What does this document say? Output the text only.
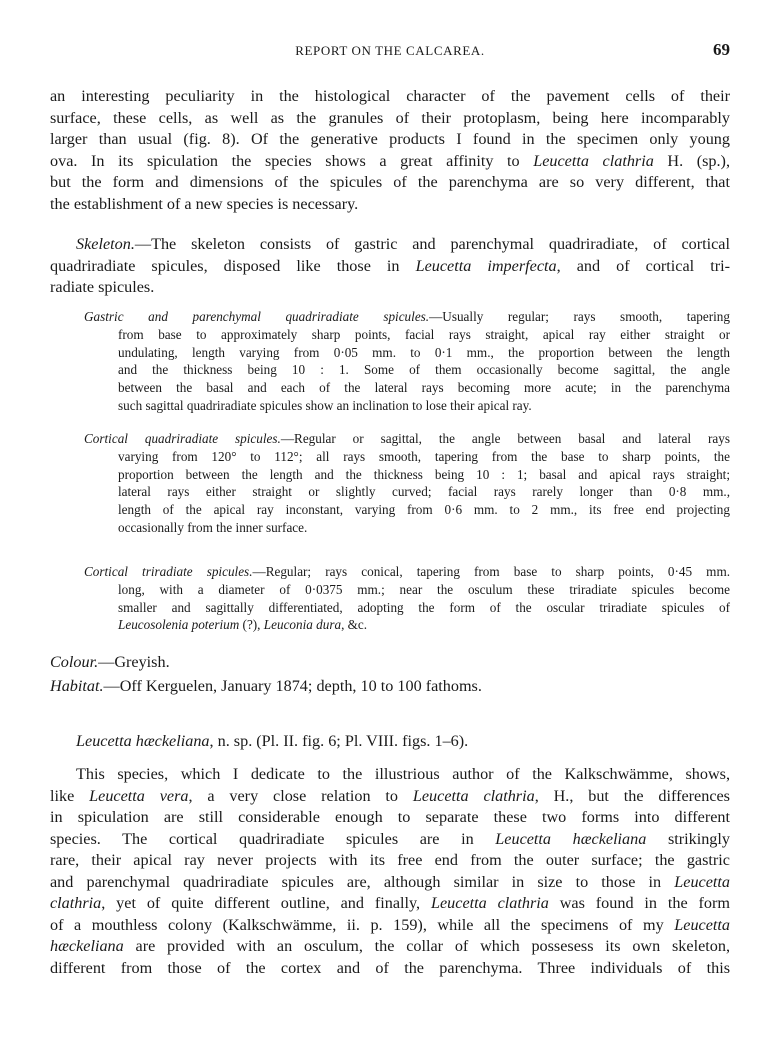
REPORT ON THE CALCAREA.	69
an interesting peculiarity in the histological character of the pavement cells of their
surface, these cells, as well as the granules of their protoplasm, being here incomparably
larger than usual (fig. 8). Of the generative products I found in the specimen only young
ova. In its spiculation the species shows a great affinity to Leucetta clathria H. (sp.),
but the form and dimensions of the spicules of the parenchyma are so very different, that
the establishment of a new species is necessary.
Skeleton.—The skeleton consists of gastric and parenchymal quadriradiate, of cortical
quadriradiate spicules, disposed like those in Leucetta imperfecta, and of cortical tri-
radiate spicules.
Gastric and parenchymal quadriradiate spicules.—Usually regular; rays smooth, tapering
from base to approximately sharp points, facial rays straight, apical ray either straight or
undulating, length varying from 0·05 mm. to 0·1 mm., the proportion between the length
and the thickness being 10 : 1. Some of them occasionally become sagittal, the angle
between the basal and each of the lateral rays becoming more acute; in the parenchyma
such sagittal quadriradiate spicules show an inclination to lose their apical ray.
Cortical quadriradiate spicules.—Regular or sagittal, the angle between basal and lateral rays
varying from 120° to 112°; all rays smooth, tapering from the base to sharp points, the
proportion between the length and the thickness being 10 : 1; basal and apical rays straight;
lateral rays either straight or slightly curved; facial rays rarely longer than 0·8 mm.,
length of the apical ray inconstant, varying from 0·6 mm. to 2 mm., its free end projecting
occasionally from the inner surface.
Cortical triradiate spicules.—Regular; rays conical, tapering from base to sharp points, 0·45 mm.
long, with a diameter of 0·0375 mm.; near the osculum these triradiate spicules become
smaller and sagittally differentiated, adopting the form of the oscular triradiate spicules of
Leucosolenia poterium (?), Leuconia dura, &c.
Colour.—Greyish.
Habitat.—Off Kerguelen, January 1874; depth, 10 to 100 fathoms.
Leucetta hæckeliana, n. sp. (Pl. II. fig. 6; Pl. VIII. figs. 1–6).
This species, which I dedicate to the illustrious author of the Kalkschwämme, shows,
like Leucetta vera, a very close relation to Leucetta clathria, H., but the differences
in spiculation are still considerable enough to separate these two forms into different
species. The cortical quadriradiate spicules are in Leucetta hæckeliana strikingly
rare, their apical ray never projects with its free end from the outer surface; the gastric
and parenchymal quadriradiate spicules are, although similar in size to those in Leucetta
clathria, yet of quite different outline, and finally, Leucetta clathria was found in the form
of a mouthless colony (Kalkschwämme, ii. p. 159), while all the specimens of my Leucetta
hæckeliana are provided with an osculum, the collar of which possesess its own skeleton,
different from those of the cortex and of the parenchyma. Three individuals of this
